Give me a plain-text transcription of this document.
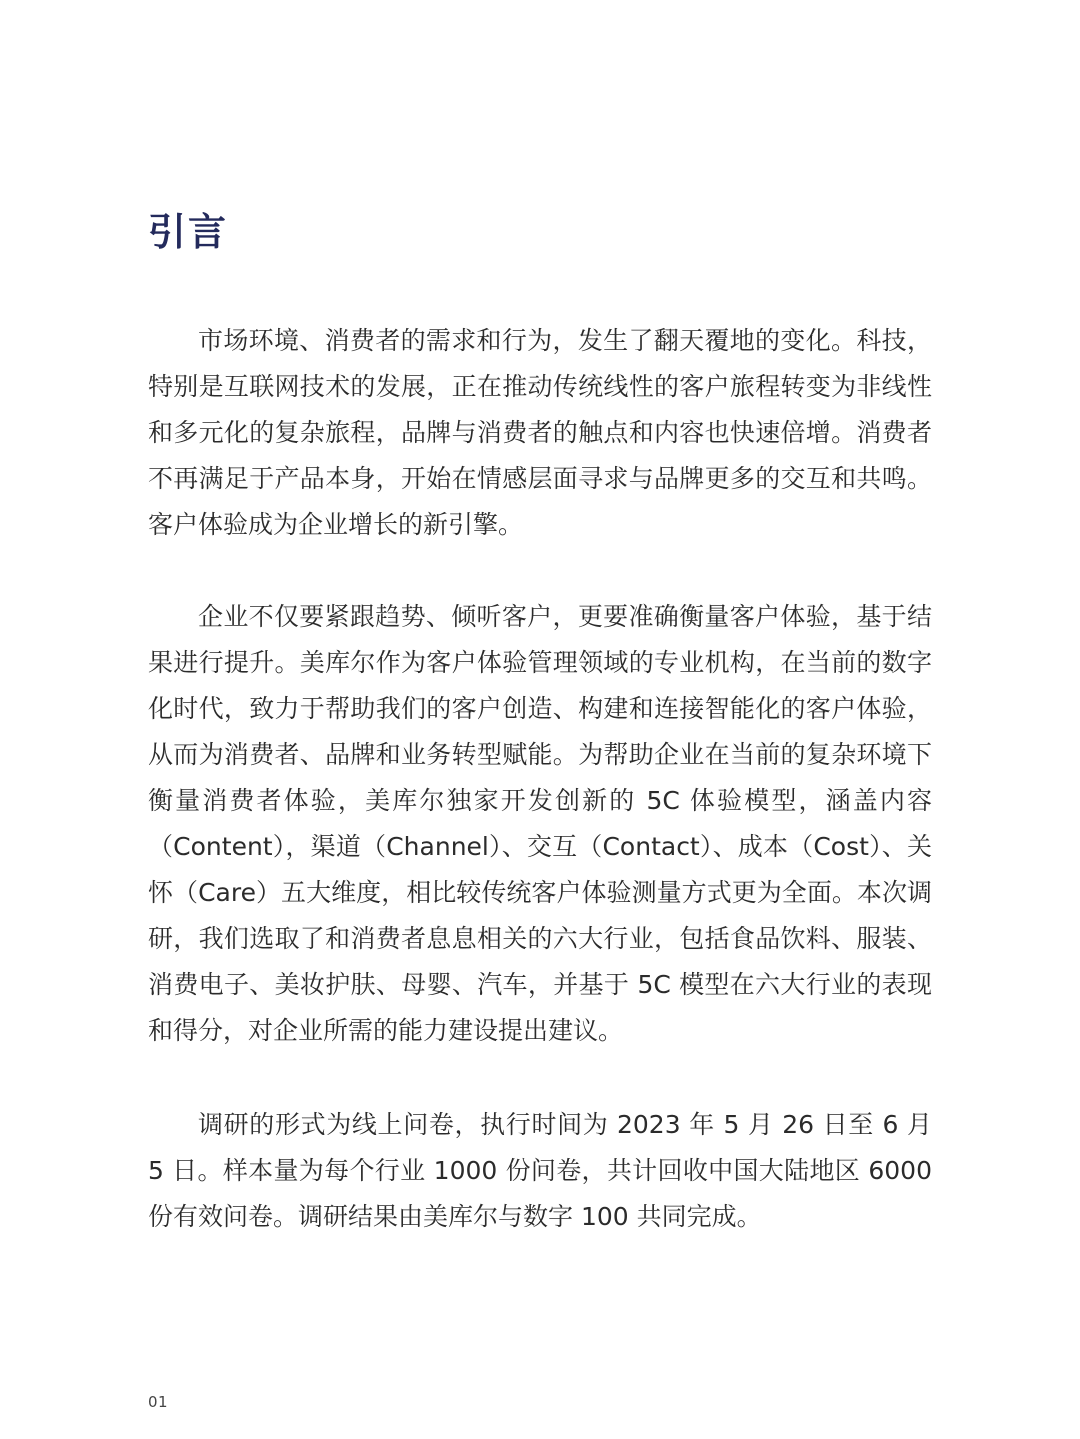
引言

市场环境、消费者的需求和行为，发生了翻天覆地的变化。科技，特别是互联网技术的发展，正在推动传统线性的客户旅程转变为非线性和多元化的复杂旅程，品牌与消费者的触点和内容也快速倍增。消费者不再满足于产品本身，开始在情感层面寻求与品牌更多的交互和共鸣。客户体验成为企业增长的新引擎。

企业不仅要紧跟趋势、倾听客户，更要准确衡量客户体验，基于结果进行提升。美库尔作为客户体验管理领域的专业机构，在当前的数字化时代，致力于帮助我们的客户创造、构建和连接智能化的客户体验，从而为消费者、品牌和业务转型赋能。为帮助企业在当前的复杂环境下衡量消费者体验，美库尔独家开发创新的 5C 体验模型，涵盖内容（Content），渠道（Channel）、交互（Contact）、成本（Cost）、关怀（Care）五大维度，相比较传统客户体验测量方式更为全面。本次调研，我们选取了和消费者息息相关的六大行业，包括食品饮料、服装、消费电子、美妆护肤、母婴、汽车，并基于 5C 模型在六大行业的表现和得分，对企业所需的能力建设提出建议。

调研的形式为线上问卷，执行时间为 2023 年 5 月 26 日至 6 月 5 日。样本量为每个行业 1000 份问卷，共计回收中国大陆地区 6000 份有效问卷。调研结果由美库尔与数字 100 共同完成。

01
